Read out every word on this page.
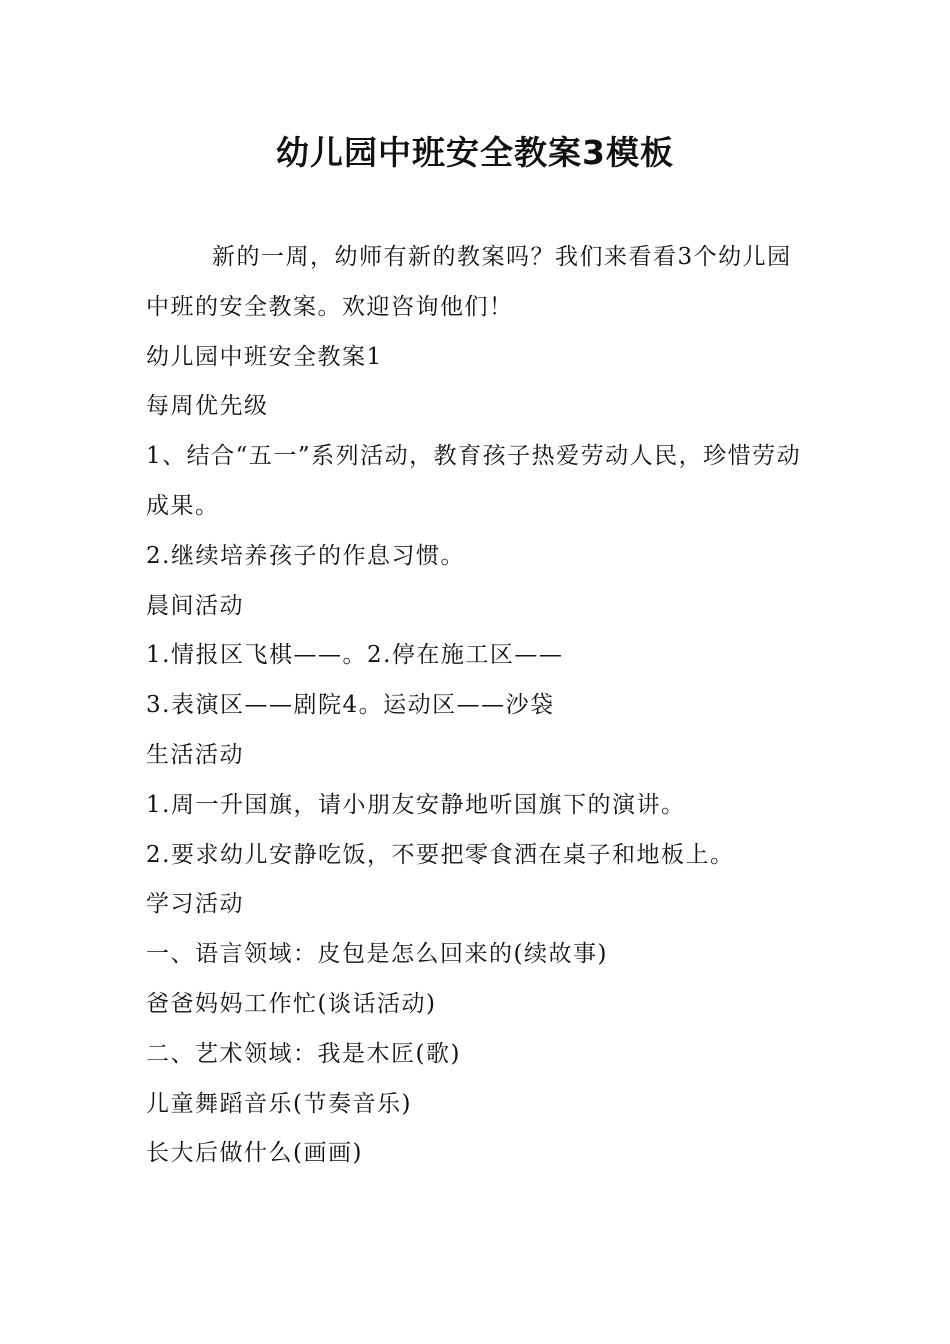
幼儿园中班安全教案3模板

新的一周，幼师有新的教案吗？我们来看看3个幼儿园中班的安全教案。欢迎咨询他们！

幼儿园中班安全教案1

每周优先级

1、结合“五一”系列活动，教育孩子热爱劳动人民，珍惜劳动成果。

2.继续培养孩子的作息习惯。

晨间活动

1.情报区飞棋——。2.停在施工区——

3.表演区——剧院4。运动区——沙袋

生活活动

1.周一升国旗，请小朋友安静地听国旗下的演讲。

2.要求幼儿安静吃饭，不要把零食洒在桌子和地板上。

学习活动

一、语言领域：皮包是怎么回来的(续故事)

爸爸妈妈工作忙(谈话活动)

二、艺术领域：我是木匠(歌)

儿童舞蹈音乐(节奏音乐)

长大后做什么(画画)
